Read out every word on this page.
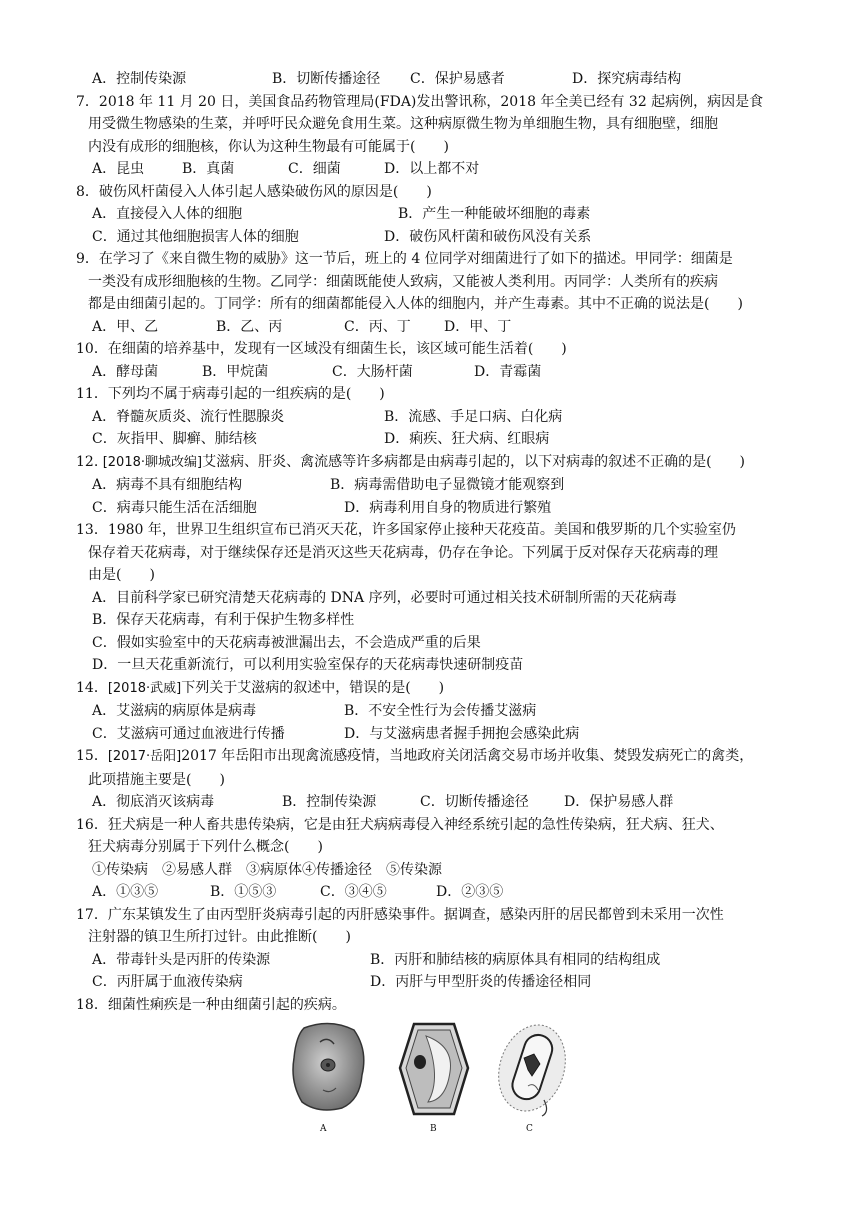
A．控制传染源	B．切断传播途径 C．保护易感者	D．探究病毒结构
7．2018 年 11 月 20 日，美国食品药物管理局(FDA)发出警讯称，2018 年全美已经有 32 起病例，病因是食
用受微生物感染的生菜，并呼吁民众避免食用生菜。这种病原微生物为单细胞生物，具有细胞壁，细胞
内没有成形的细胞核，你认为这种生物最有可能属于(　　)
A．昆虫	B．真菌	C．细菌	D．以上都不对
8．破伤风杆菌侵入人体引起人感染破伤风的原因是(　　)
A．直接侵入人体的细胞	B．产生一种能破坏细胞的毒素
C．通过其他细胞损害人体的细胞	D．破伤风杆菌和破伤风没有关系
9．在学习了《来自微生物的威胁》这一节后，班上的 4 位同学对细菌进行了如下的描述。甲同学：细菌是
一类没有成形细胞核的生物。乙同学：细菌既能使人致病，又能被人类利用。丙同学：人类所有的疾病
都是由细菌引起的。丁同学：所有的细菌都能侵入人体的细胞内，并产生毒素。其中不正确的说法是(　　)
A．甲、乙	B．乙、丙	C．丙、丁 D．甲、丁
10．在细菌的培养基中，发现有一区域没有细菌生长，该区域可能生活着(　　)
A．酵母菌	B．甲烷菌	C．大肠杆菌	D．青霉菌
11．下列均不属于病毒引起的一组疾病的是(　　)
A．脊髓灰质炎、流行性腮腺炎	B．流感、手足口病、白化病
C．灰指甲、脚癣、肺结核	D．痢疾、狂犬病、红眼病
12. [2018·聊城改编]艾滋病、肝炎、禽流感等许多病都是由病毒引起的，以下对病毒的叙述不正确的是(　　)
A．病毒不具有细胞结构	B．病毒需借助电子显微镜才能观察到
C．病毒只能生活在活细胞	D．病毒利用自身的物质进行繁殖
13．1980 年，世界卫生组织宣布已消灭天花，许多国家停止接种天花疫苗。美国和俄罗斯的几个实验室仍
保存着天花病毒，对于继续保存还是消灭这些天花病毒，仍存在争论。下列属于反对保存天花病毒的理
由是(　　)
A．目前科学家已研究清楚天花病毒的 DNA 序列，必要时可通过相关技术研制所需的天花病毒
B．保存天花病毒，有利于保护生物多样性
C．假如实验室中的天花病毒被泄漏出去，不会造成严重的后果
D．一旦天花重新流行，可以利用实验室保存的天花病毒快速研制疫苗
14．[2018·武威]下列关于艾滋病的叙述中，错误的是(　　)
A．艾滋病的病原体是病毒	B．不安全性行为会传播艾滋病
C．艾滋病可通过血液进行传播	D．与艾滋病患者握手拥抱会感染此病
15．[2017·岳阳]2017 年岳阳市出现禽流感疫情，当地政府关闭活禽交易市场并收集、焚毁发病死亡的禽类，
此项措施主要是(　　)
A．彻底消灭该病毒	B．控制传染源	C．切断传播途径	D．保护易感人群
16．狂犬病是一种人畜共患传染病，它是由狂犬病病毒侵入神经系统引起的急性传染病，狂犬病、狂犬、
狂犬病毒分别属于下列什么概念(　　)
①传染病　②易感人群　③病原体④传播途径　⑤传染源
A．①③⑤	B．①⑤③	C．③④⑤	D．②③⑤
17．广东某镇发生了由丙型肝炎病毒引起的丙肝感染事件。据调查，感染丙肝的居民都曾到未采用一次性
注射器的镇卫生所打过针。由此推断(　　)
A．带毒针头是丙肝的传染源	B．丙肝和肺结核的病原体具有相同的结构组成
C．丙肝属于血液传染病	D．丙肝与甲型肝炎的传播途径相同
18．细菌性痢疾是一种由细菌引起的疾病。
A	B	C
